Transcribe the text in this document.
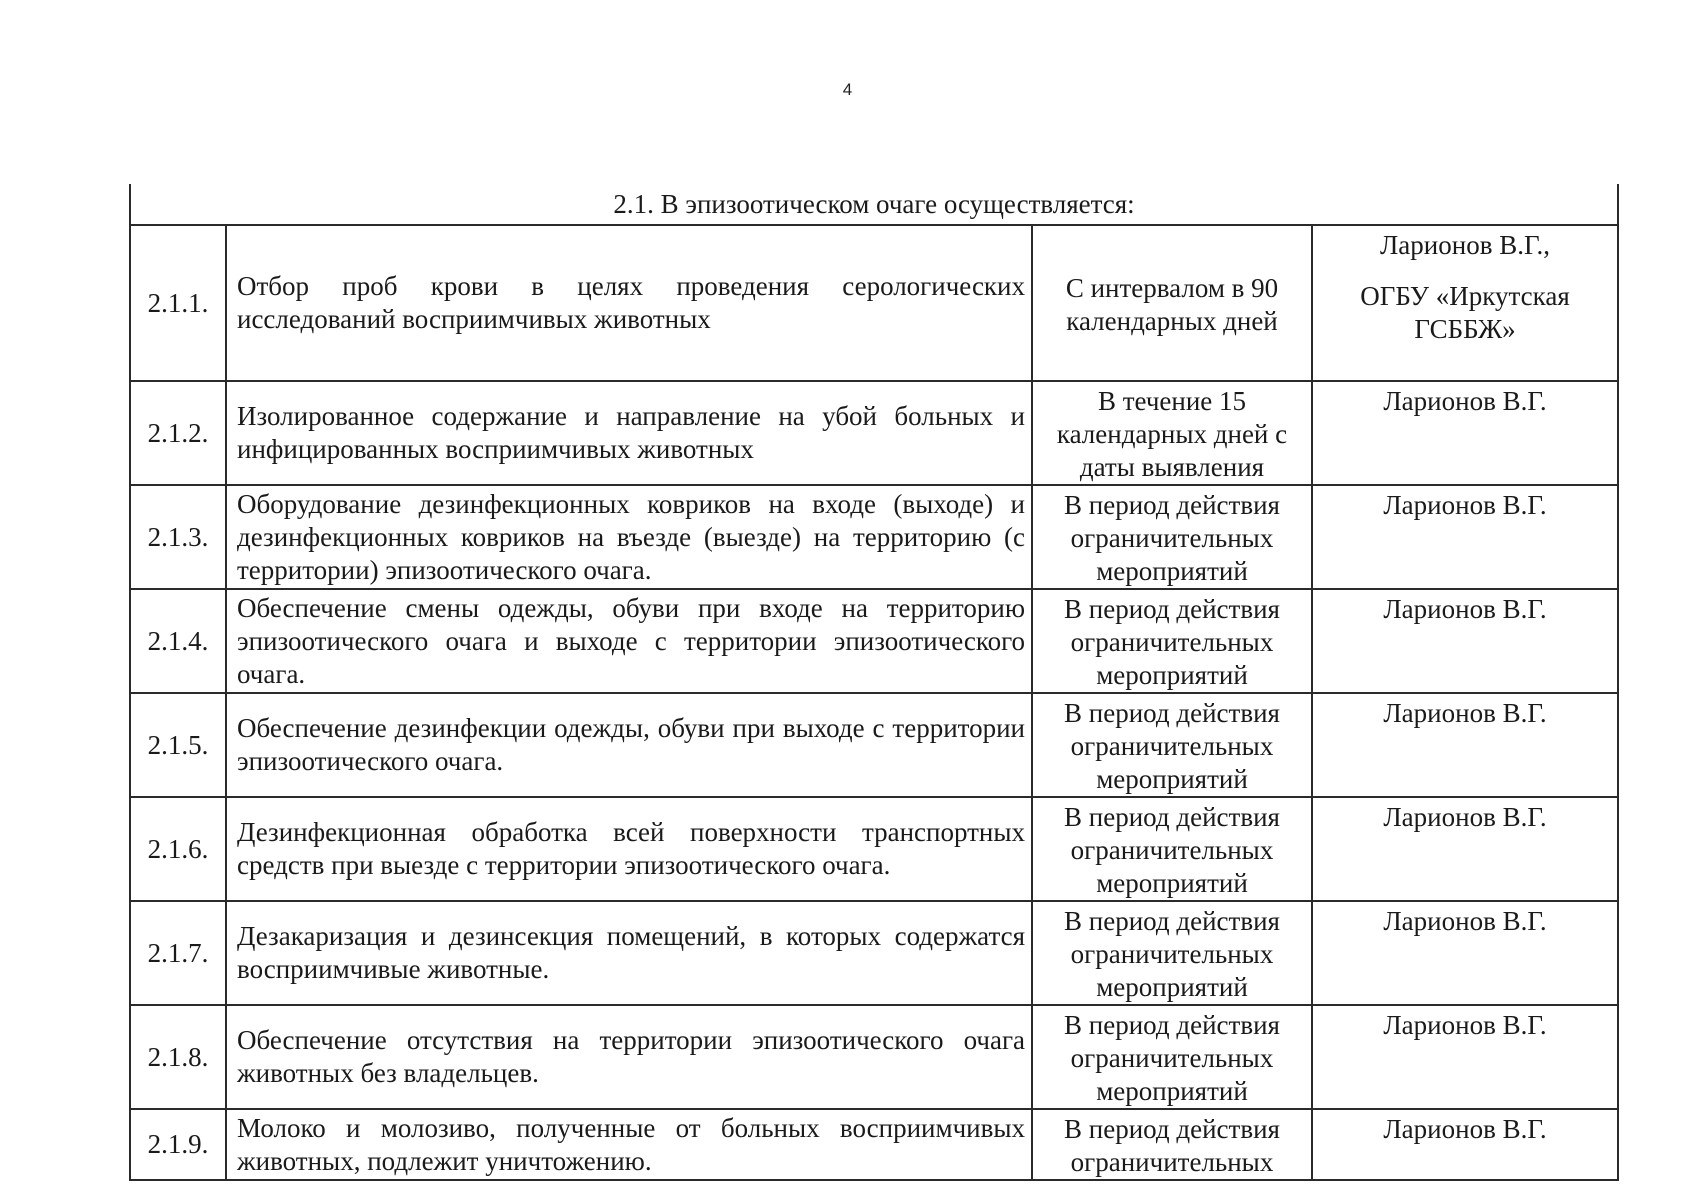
4
2.1. В эпизоотическом очаге осуществляется:			
2.1.1.	Отбор проб крови в целях проведения серологических исследований восприимчивых животных	С интервалом в 90 календарных дней	Ларионов В.Г.,
ОГБУ «Иркутская ГСББЖ»

2.1.2.	Изолированное содержание и направление на убой больных и инфицированных восприимчивых животных	В течение 15 календарных дней с даты выявления	Ларионов В.Г.
2.1.3.	Оборудование дезинфекционных ковриков на входе (выходе) и дезинфекционных ковриков на въезде (выезде) на территорию (с территории) эпизоотического очага.	В период действия ограничительных мероприятий	Ларионов В.Г.
2.1.4.	Обеспечение смены одежды, обуви при входе на территорию эпизоотического очага и выходе с территории эпизоотического очага.	В период действия ограничительных мероприятий	Ларионов В.Г.
2.1.5.	Обеспечение дезинфекции одежды, обуви при выходе с территории эпизоотического очага.	В период действия ограничительных мероприятий	Ларионов В.Г.
2.1.6.	Дезинфекционная обработка всей поверхности транспортных средств при выезде с территории эпизоотического очага.	В период действия ограничительных мероприятий	Ларионов В.Г.
2.1.7.	Дезакаризация и дезинсекция помещений, в которых содержатся восприимчивые животные.	В период действия ограничительных мероприятий	Ларионов В.Г.
2.1.8.	Обеспечение отсутствия на территории эпизоотического очага животных без владельцев.	В период действия ограничительных мероприятий	Ларионов В.Г.
2.1.9.	Молоко и молозиво, полученные от больных восприимчивых животных, подлежит уничтожению.	В период действия ограничительных	Ларионов В.Г.
